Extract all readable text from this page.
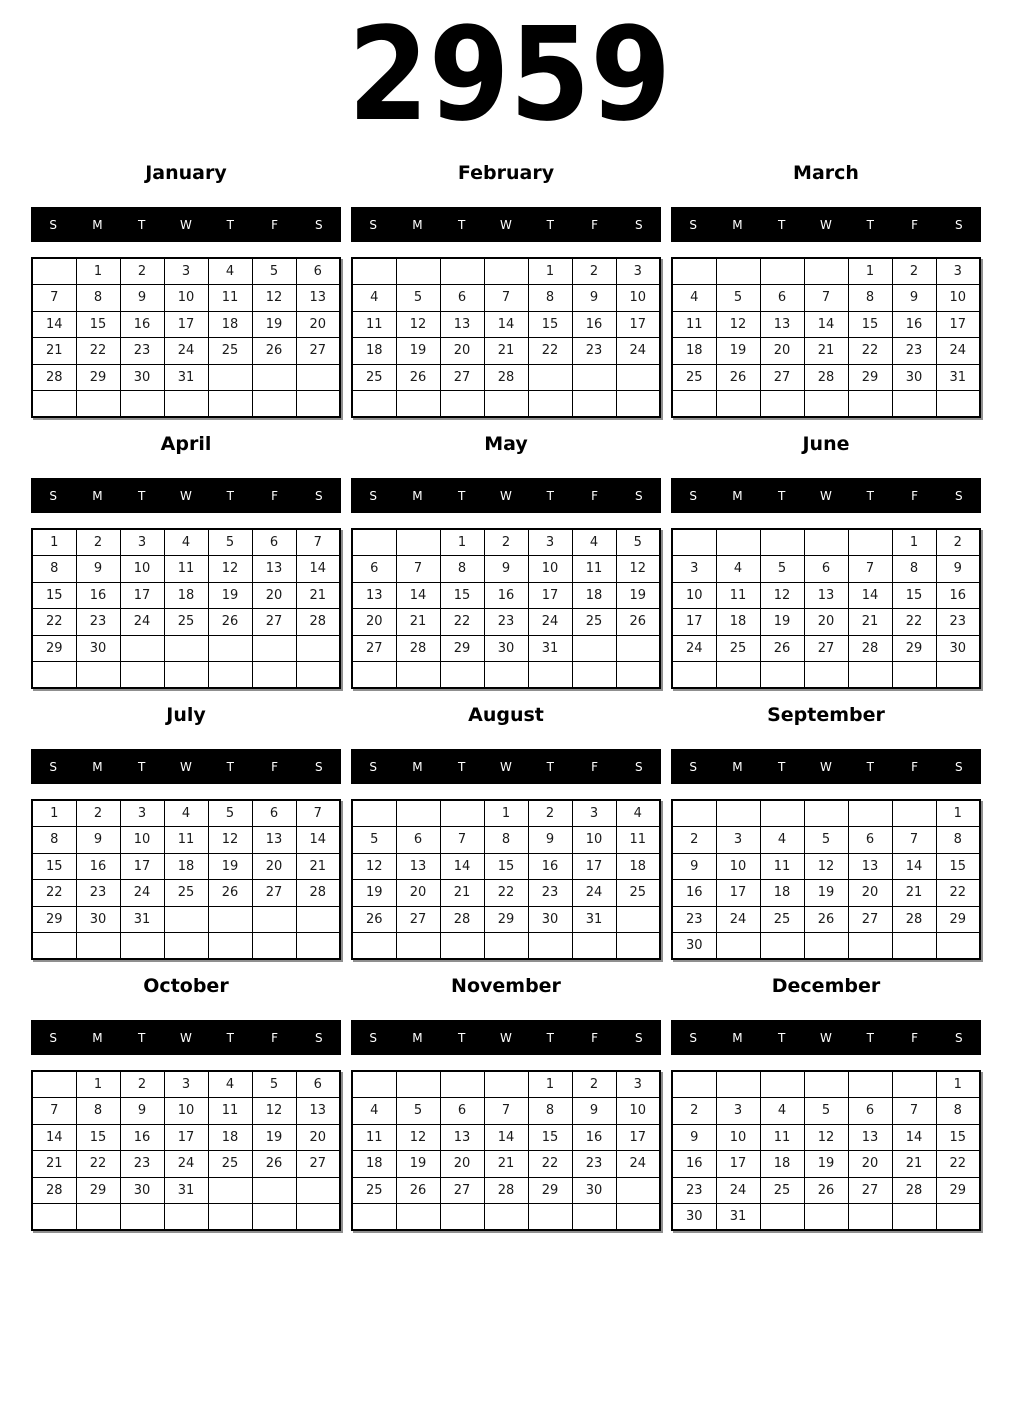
2959
January
S	M	T	W	T	F	S
	1	2	3	4	5	6
7	8	9	10	11	12	13
14	15	16	17	18	19	20
21	22	23	24	25	26	27
28	29	30	31			

February
S	M	T	W	T	F	S
				1	2	3
4	5	6	7	8	9	10
11	12	13	14	15	16	17
18	19	20	21	22	23	24
25	26	27	28			

March
S	M	T	W	T	F	S
				1	2	3
4	5	6	7	8	9	10
11	12	13	14	15	16	17
18	19	20	21	22	23	24
25	26	27	28	29	30	31

April
S	M	T	W	T	F	S
1	2	3	4	5	6	7
8	9	10	11	12	13	14
15	16	17	18	19	20	21
22	23	24	25	26	27	28
29	30					

May
S	M	T	W	T	F	S
		1	2	3	4	5
6	7	8	9	10	11	12
13	14	15	16	17	18	19
20	21	22	23	24	25	26
27	28	29	30	31		

June
S	M	T	W	T	F	S
					1	2
3	4	5	6	7	8	9
10	11	12	13	14	15	16
17	18	19	20	21	22	23
24	25	26	27	28	29	30

July
S	M	T	W	T	F	S
1	2	3	4	5	6	7
8	9	10	11	12	13	14
15	16	17	18	19	20	21
22	23	24	25	26	27	28
29	30	31				

August
S	M	T	W	T	F	S
			1	2	3	4
5	6	7	8	9	10	11
12	13	14	15	16	17	18
19	20	21	22	23	24	25
26	27	28	29	30	31	

September
S	M	T	W	T	F	S
						1
2	3	4	5	6	7	8
9	10	11	12	13	14	15
16	17	18	19	20	21	22
23	24	25	26	27	28	29
30						
October
S	M	T	W	T	F	S
	1	2	3	4	5	6
7	8	9	10	11	12	13
14	15	16	17	18	19	20
21	22	23	24	25	26	27
28	29	30	31			

November
S	M	T	W	T	F	S
				1	2	3
4	5	6	7	8	9	10
11	12	13	14	15	16	17
18	19	20	21	22	23	24
25	26	27	28	29	30	

December
S	M	T	W	T	F	S
						1
2	3	4	5	6	7	8
9	10	11	12	13	14	15
16	17	18	19	20	21	22
23	24	25	26	27	28	29
30	31					
